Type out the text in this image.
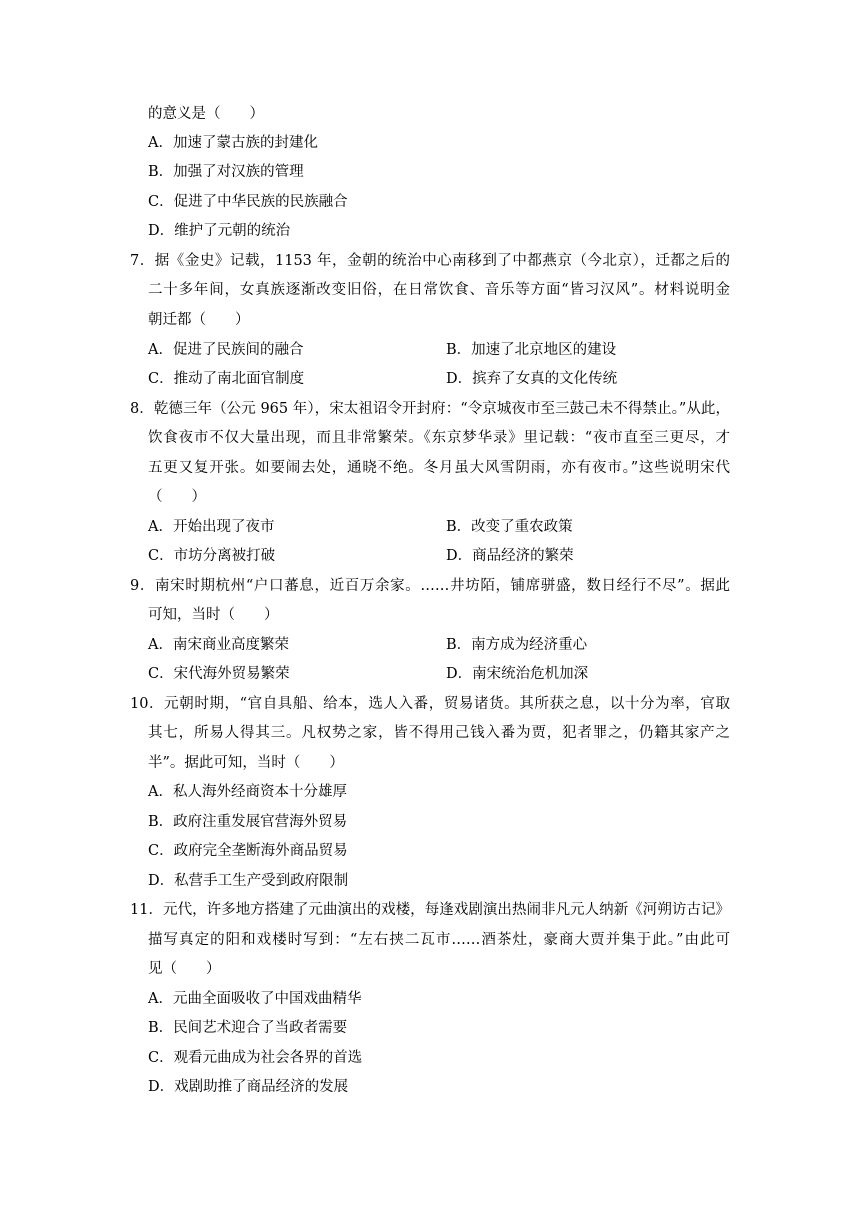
的意义是（　　）
A．加速了蒙古族的封建化
B．加强了对汉族的管理
C．促进了中华民族的民族融合
D．维护了元朝的统治
7．据《金史》记载，1153 年，金朝的统治中心南移到了中都燕京（今北京），迁都之后的
二十多年间，女真族逐渐改变旧俗，在日常饮食、音乐等方面“皆习汉风”。材料说明金
朝迁都（　　）
A．促进了民族间的融合	B．加速了北京地区的建设
C．推动了南北面官制度	D．摈弃了女真的文化传统
8．乾德三年（公元 965 年），宋太祖诏令开封府：“令京城夜市至三鼓己未不得禁止。”从此，
饮食夜市不仅大量出现，而且非常繁荣。《东京梦华录》里记载：“夜市直至三更尽，才
五更又复开张。如要闹去处，通晓不绝。冬月虽大风雪阴雨，亦有夜市。”这些说明宋代
（　　）
A．开始出现了夜市	B．改变了重农政策
C．市坊分离被打破	D．商品经济的繁荣
9．南宋时期杭州“户口蕃息，近百万余家。……井坊陌，铺席骈盛，数日经行不尽”。据此
可知，当时（　　）
A．南宋商业高度繁荣	B．南方成为经济重心
C．宋代海外贸易繁荣	D．南宋统治危机加深
10．元朝时期，“官自具船、给本，选人入番，贸易诸货。其所获之息，以十分为率，官取
其七，所易人得其三。凡权势之家，皆不得用己钱入番为贾，犯者罪之，仍籍其家产之
半”。据此可知，当时（　　）
A．私人海外经商资本十分雄厚
B．政府注重发展官营海外贸易
C．政府完全垄断海外商品贸易
D．私营手工生产受到政府限制
11．元代，许多地方搭建了元曲演出的戏楼，每逢戏剧演出热闹非凡元人纳新《河朔访古记》
描写真定的阳和戏楼时写到：“左右挟二瓦市……酒茶灶，豪商大贾并集于此。”由此可
见（　　）
A．元曲全面吸收了中国戏曲精华
B．民间艺术迎合了当政者需要
C．观看元曲成为社会各界的首选
D．戏剧助推了商品经济的发展
